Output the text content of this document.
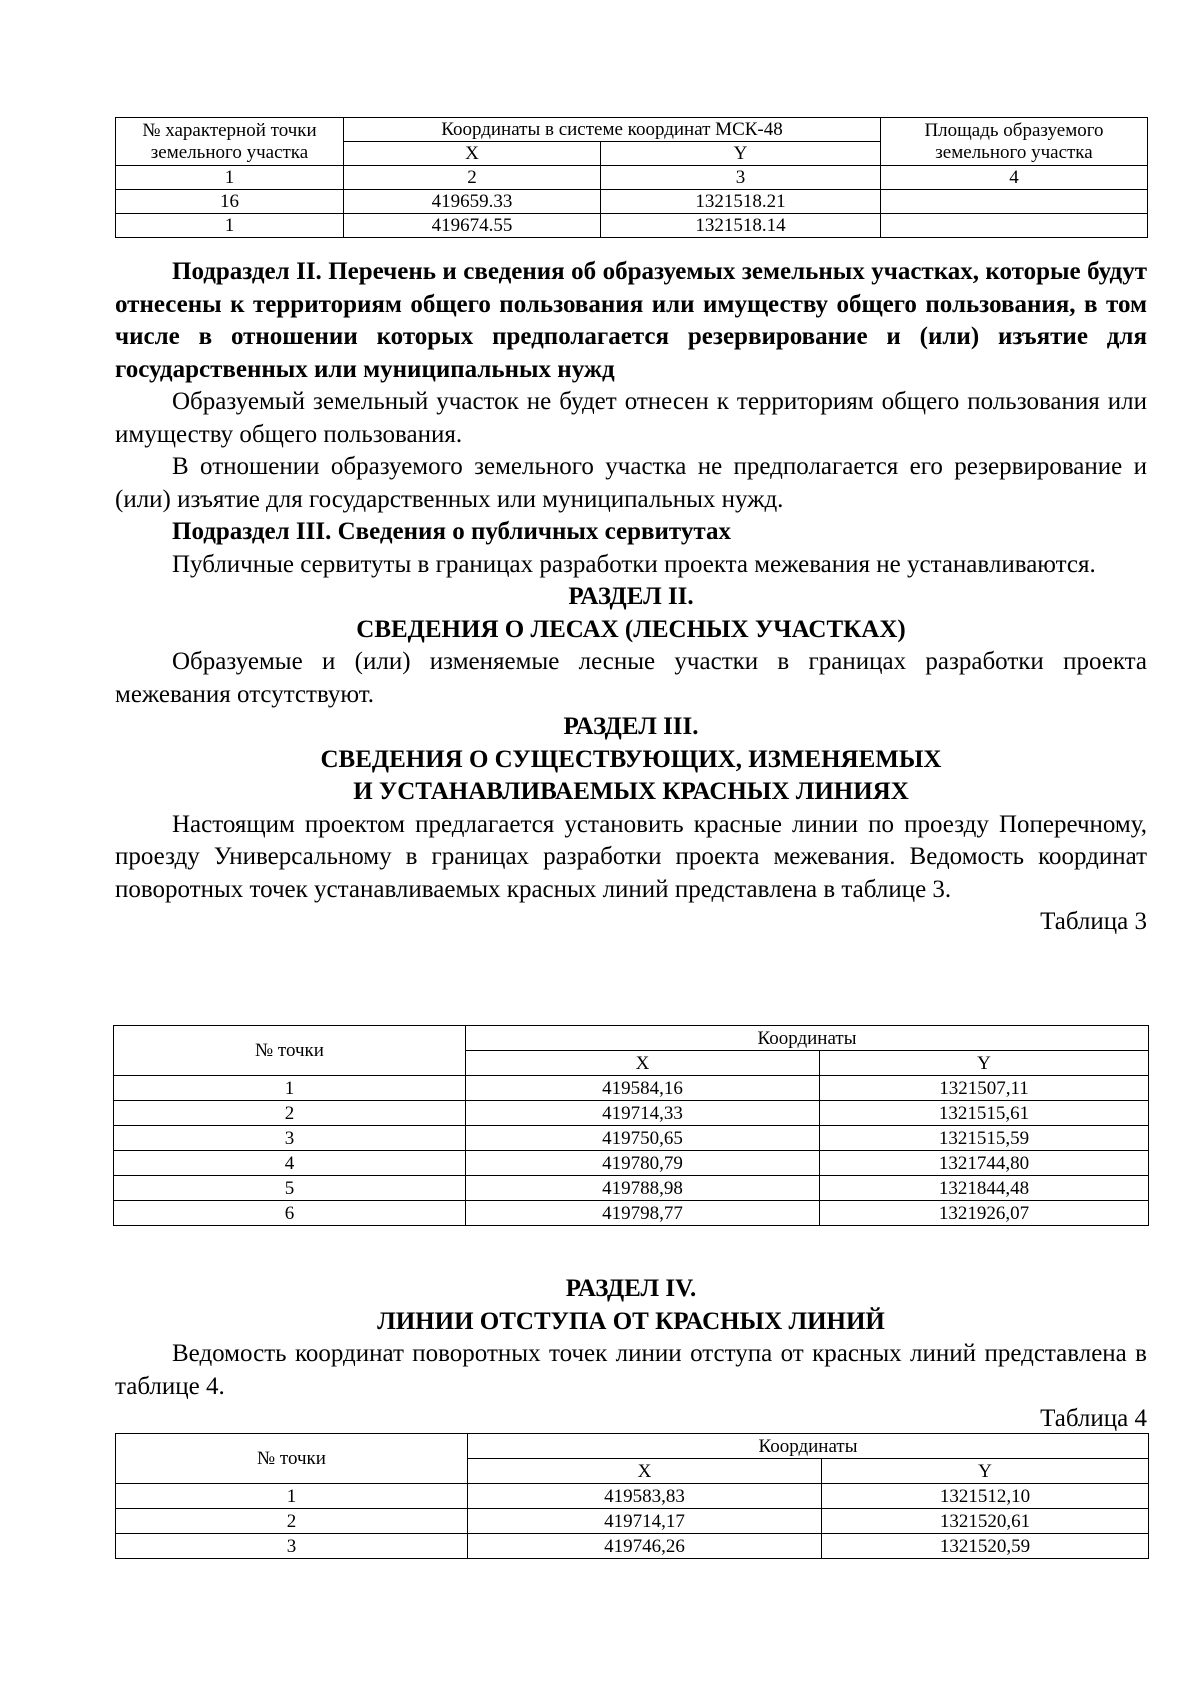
№ характерной точки земельного участка	Координаты в системе координат МСК-48		Площадь образуемого земельного участка
	X	Y	
1	2	3	4
16	419659.33	1321518.21	
1	419674.55	1321518.14	

Подраздел II. Перечень и сведения об образуемых земельных участках, которые будут отнесены к территориям общего пользования или имуществу общего пользования, в том числе в отношении которых предполагается резервирование и (или) изъятие для государственных или муниципальных нужд

Образуемый земельный участок не будет отнесен к территориям общего пользования или имуществу общего пользования.

В отношении образуемого земельного участка не предполагается его резервирование и (или) изъятие для государственных или муниципальных нужд.

Подраздел III. Сведения о публичных сервитутах

Публичные сервитуты в границах разработки проекта межевания не устанавливаются.

РАЗДЕЛ II.

СВЕДЕНИЯ О ЛЕСАХ (ЛЕСНЫХ УЧАСТКАХ)

Образуемые и (или) изменяемые лесные участки в границах разработки проекта межевания отсутствуют.

РАЗДЕЛ III.

СВЕДЕНИЯ О СУЩЕСТВУЮЩИХ, ИЗМЕНЯЕМЫХ

И УСТАНАВЛИВАЕМЫХ КРАСНЫХ ЛИНИЯХ

Настоящим проектом предлагается установить красные линии по проезду Поперечному, проезду Универсальному в границах разработки проекта межевания. Ведомость координат поворотных точек устанавливаемых красных линий представлена в таблице 3.

Таблица 3

№ точки	Координаты	
	X	Y
1	419584,16	1321507,11
2	419714,33	1321515,61
3	419750,65	1321515,59
4	419780,79	1321744,80
5	419788,98	1321844,48
6	419798,77	1321926,07

РАЗДЕЛ IV.

ЛИНИИ ОТСТУПА ОТ КРАСНЫХ ЛИНИЙ

Ведомость координат поворотных точек линии отступа от красных линий представлена в таблице 4.

Таблица 4

№ точки	Координаты	
	X	Y
1	419583,83	1321512,10
2	419714,17	1321520,61
3	419746,26	1321520,59
